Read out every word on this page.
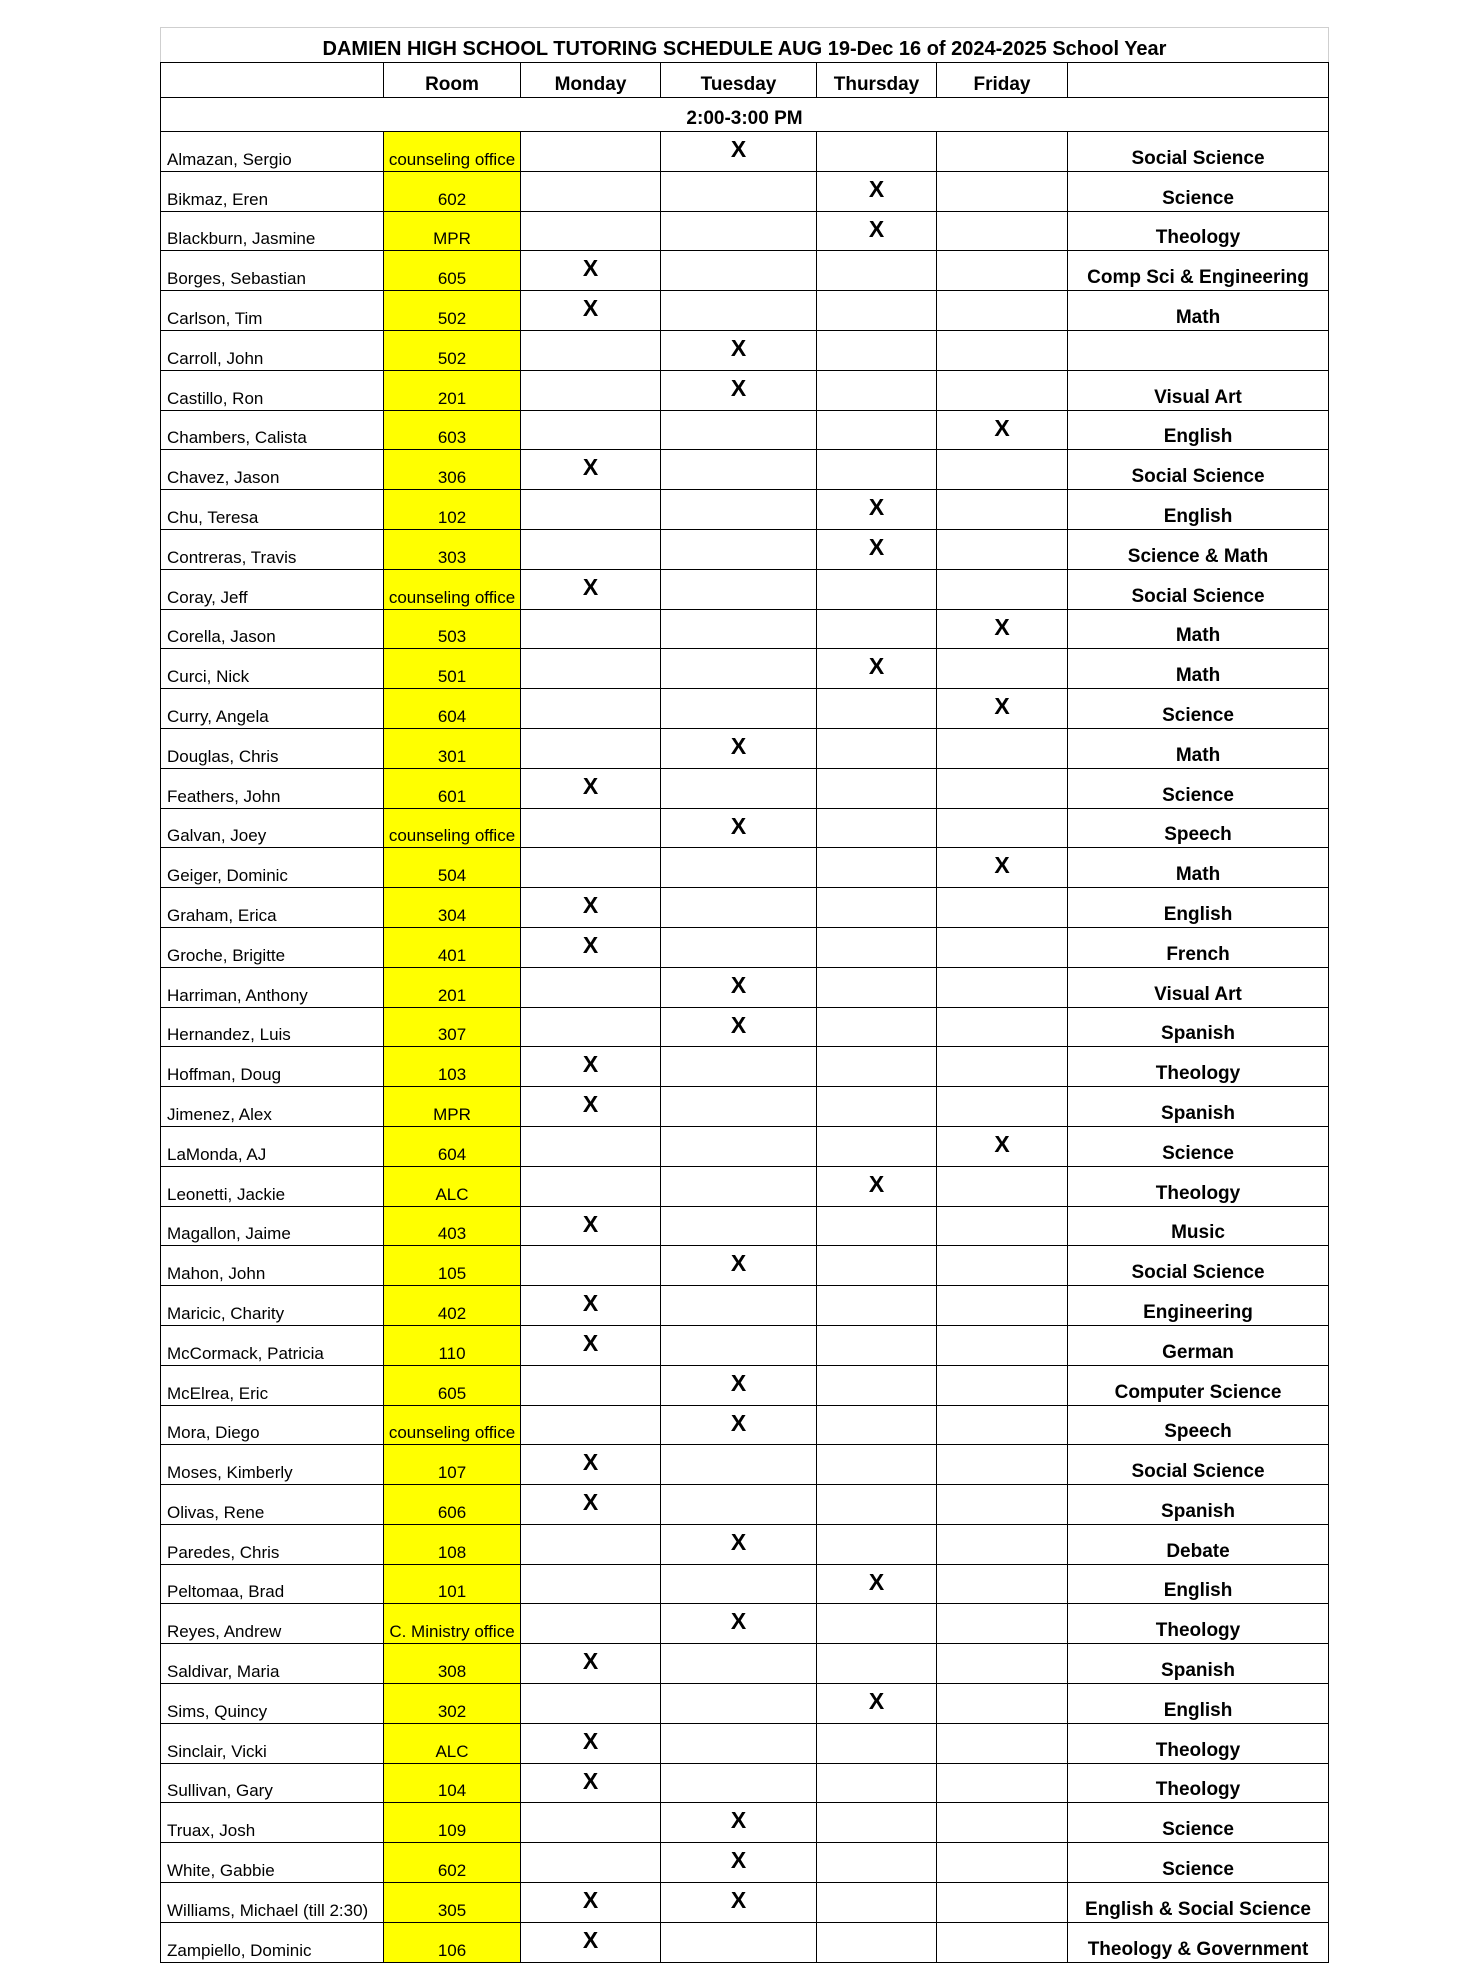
DAMIEN HIGH SCHOOL TUTORING SCHEDULE AUG 19-Dec 16 of 2024-2025 School Year						
	Room	Monday	Tuesday	Thursday	Friday	
2:00-3:00 PM						
Almazan, Sergio	counseling office		X			Social Science
Bikmaz, Eren	602			X		Science
Blackburn, Jasmine	MPR			X		Theology
Borges, Sebastian	605	X				Comp Sci & Engineering
Carlson, Tim	502	X				Math
Carroll, John	502		X			
Castillo, Ron	201		X			Visual Art
Chambers, Calista	603				X	English
Chavez, Jason	306	X				Social Science
Chu, Teresa	102			X		English
Contreras, Travis	303			X		Science & Math
Coray, Jeff	counseling office	X				Social Science
Corella, Jason	503				X	Math
Curci, Nick	501			X		Math
Curry, Angela	604				X	Science
Douglas, Chris	301		X			Math
Feathers, John	601	X				Science
Galvan, Joey	counseling office		X			Speech
Geiger, Dominic	504				X	Math
Graham, Erica	304	X				English
Groche, Brigitte	401	X				French
Harriman, Anthony	201		X			Visual Art
Hernandez, Luis	307		X			Spanish
Hoffman, Doug	103	X				Theology
Jimenez, Alex	MPR	X				Spanish
LaMonda, AJ	604				X	Science
Leonetti, Jackie	ALC			X		Theology
Magallon, Jaime	403	X				Music
Mahon, John	105		X			Social Science
Maricic, Charity	402	X				Engineering
McCormack, Patricia	110	X				German
McElrea, Eric	605		X			Computer Science
Mora, Diego	counseling office		X			Speech
Moses, Kimberly	107	X				Social Science
Olivas, Rene	606	X				Spanish
Paredes, Chris	108		X			Debate
Peltomaa, Brad	101			X		English
Reyes, Andrew	C. Ministry office		X			Theology
Saldivar, Maria	308	X				Spanish
Sims, Quincy	302			X		English
Sinclair, Vicki	ALC	X				Theology
Sullivan, Gary	104	X				Theology
Truax, Josh	109		X			Science
White, Gabbie	602		X			Science
Williams, Michael (till 2:30)	305	X	X			English & Social Science
Zampiello, Dominic	106	X				Theology & Government
